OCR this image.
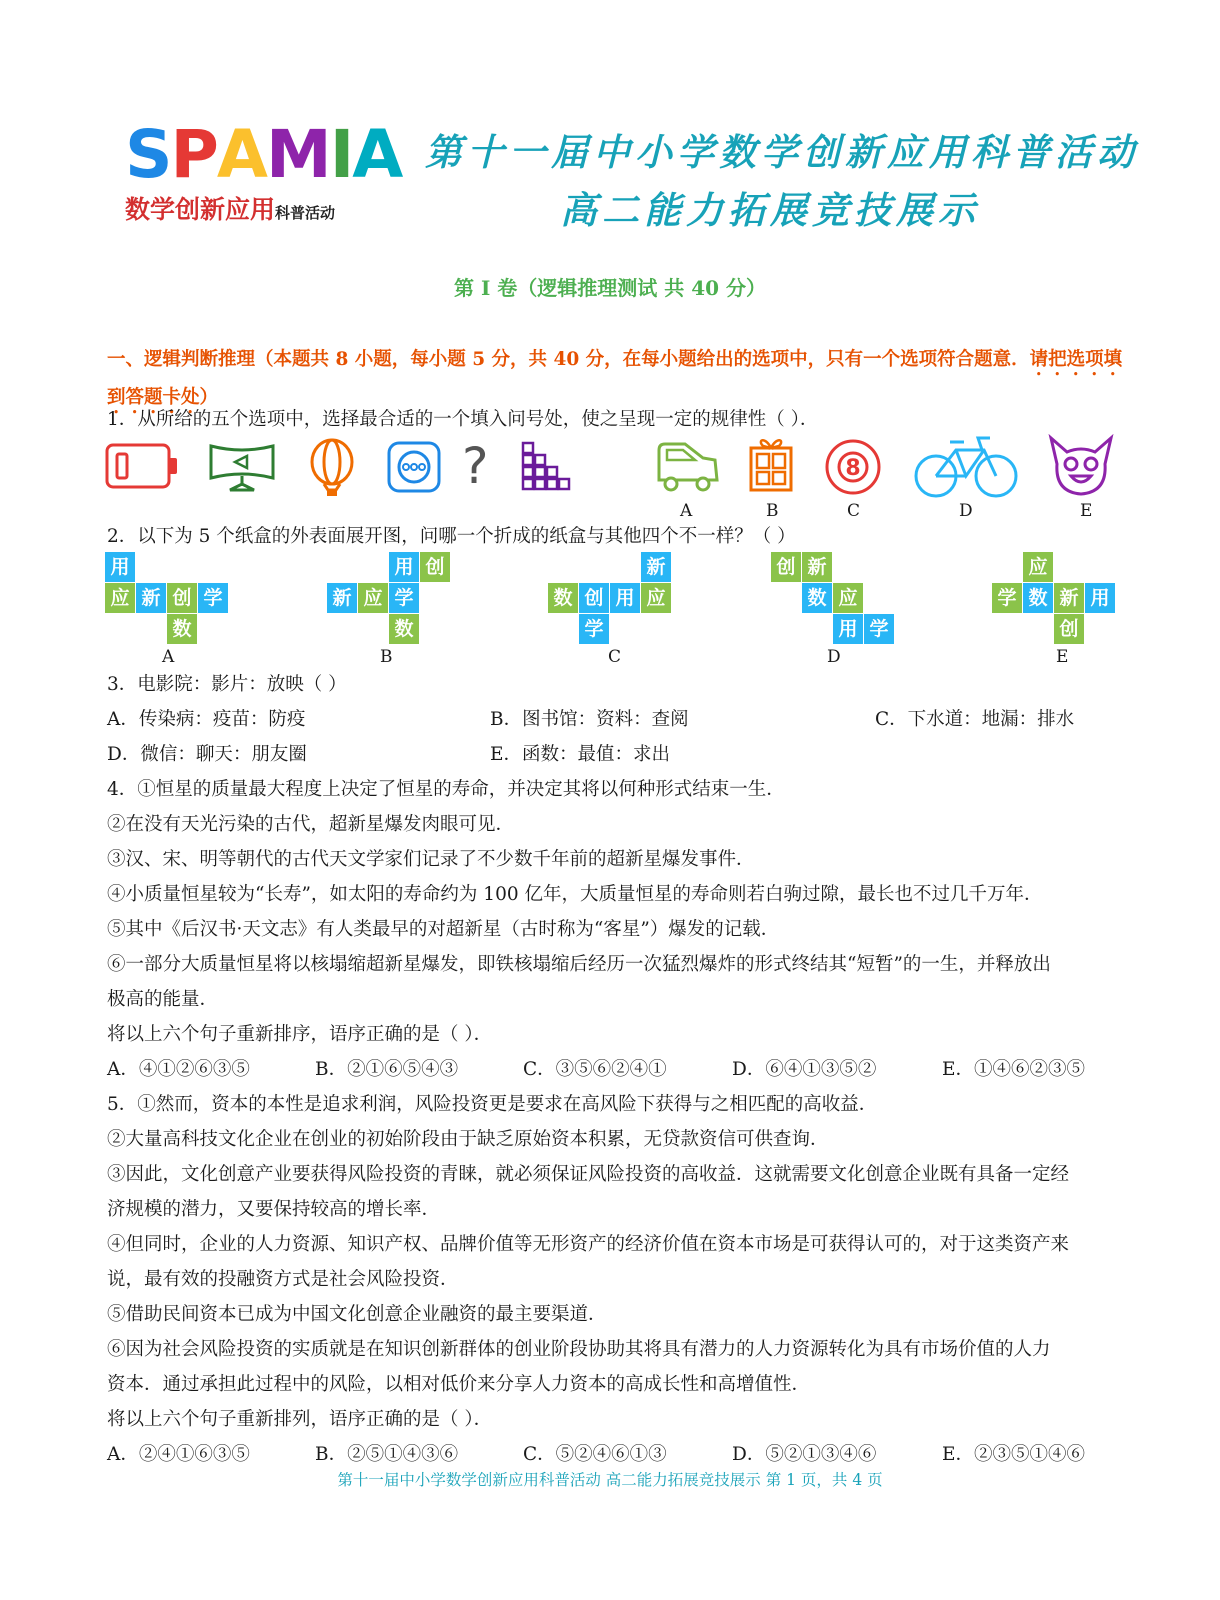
S P A M I A
数学创新应用科普活动
第十一届中小学数学创新应用科普活动
高二能力拓展竞技展示
第 I 卷（逻辑推理测试 共 40 分）
一、逻辑判断推理（本题共 8 小题，每小题 5 分，共 40 分，在每小题给出的选项中，只有一个选项符合题意．请把选项填到答题卡处）
1．从所给的五个选项中，选择最合适的一个填入问号处，使之呈现一定的规律性（ ）．
?	8
A	B	C	D	E
2．以下为 5 个纸盒的外表面展开图，问哪一个折成的纸盒与其他四个不一样？（ ）
用
应 新 创 学
数
用 创
新 应 学
数
新
数 创 用 应
学
创 新
数 应
用 学
应
学 数 新 用
创
A	B	C	D	E
3．电影院：影片：放映（ ）
A．传染病：疫苗：防疫	B．图书馆：资料：查阅	C．下水道：地漏：排水
D．微信：聊天：朋友圈	E．函数：最值：求出
4．①恒星的质量最大程度上决定了恒星的寿命，并决定其将以何种形式结束一生．
②在没有天光污染的古代，超新星爆发肉眼可见．
③汉、宋、明等朝代的古代天文学家们记录了不少数千年前的超新星爆发事件．
④小质量恒星较为“长寿”，如太阳的寿命约为 100 亿年，大质量恒星的寿命则若白驹过隙，最长也不过几千万年．
⑤其中《后汉书·天文志》有人类最早的对超新星（古时称为“客星”）爆发的记载．
⑥一部分大质量恒星将以核塌缩超新星爆发，即铁核塌缩后经历一次猛烈爆炸的形式终结其“短暂”的一生，并释放出
极高的能量．
将以上六个句子重新排序，语序正确的是（ ）．
A．④①②⑥③⑤	B．②①⑥⑤④③	C．③⑤⑥②④①	D．⑥④①③⑤②	E．①④⑥②③⑤
5．①然而，资本的本性是追求利润，风险投资更是要求在高风险下获得与之相匹配的高收益．
②大量高科技文化企业在创业的初始阶段由于缺乏原始资本积累，无贷款资信可供查询．
③因此，文化创意产业要获得风险投资的青睐，就必须保证风险投资的高收益．这就需要文化创意企业既有具备一定经
济规模的潜力，又要保持较高的增长率．
④但同时，企业的人力资源、知识产权、品牌价值等无形资产的经济价值在资本市场是可获得认可的，对于这类资产来
说，最有效的投融资方式是社会风险投资．
⑤借助民间资本已成为中国文化创意企业融资的最主要渠道．
⑥因为社会风险投资的实质就是在知识创新群体的创业阶段协助其将具有潜力的人力资源转化为具有市场价值的人力
资本．通过承担此过程中的风险，以相对低价来分享人力资本的高成长性和高增值性．
将以上六个句子重新排列，语序正确的是（ ）．
A．②④①⑥③⑤	B．②⑤①④③⑥	C．⑤②④⑥①③	D．⑤②①③④⑥	E．②③⑤①④⑥
第十一届中小学数学创新应用科普活动 高二能力拓展竞技展示 第 1 页，共 4 页
